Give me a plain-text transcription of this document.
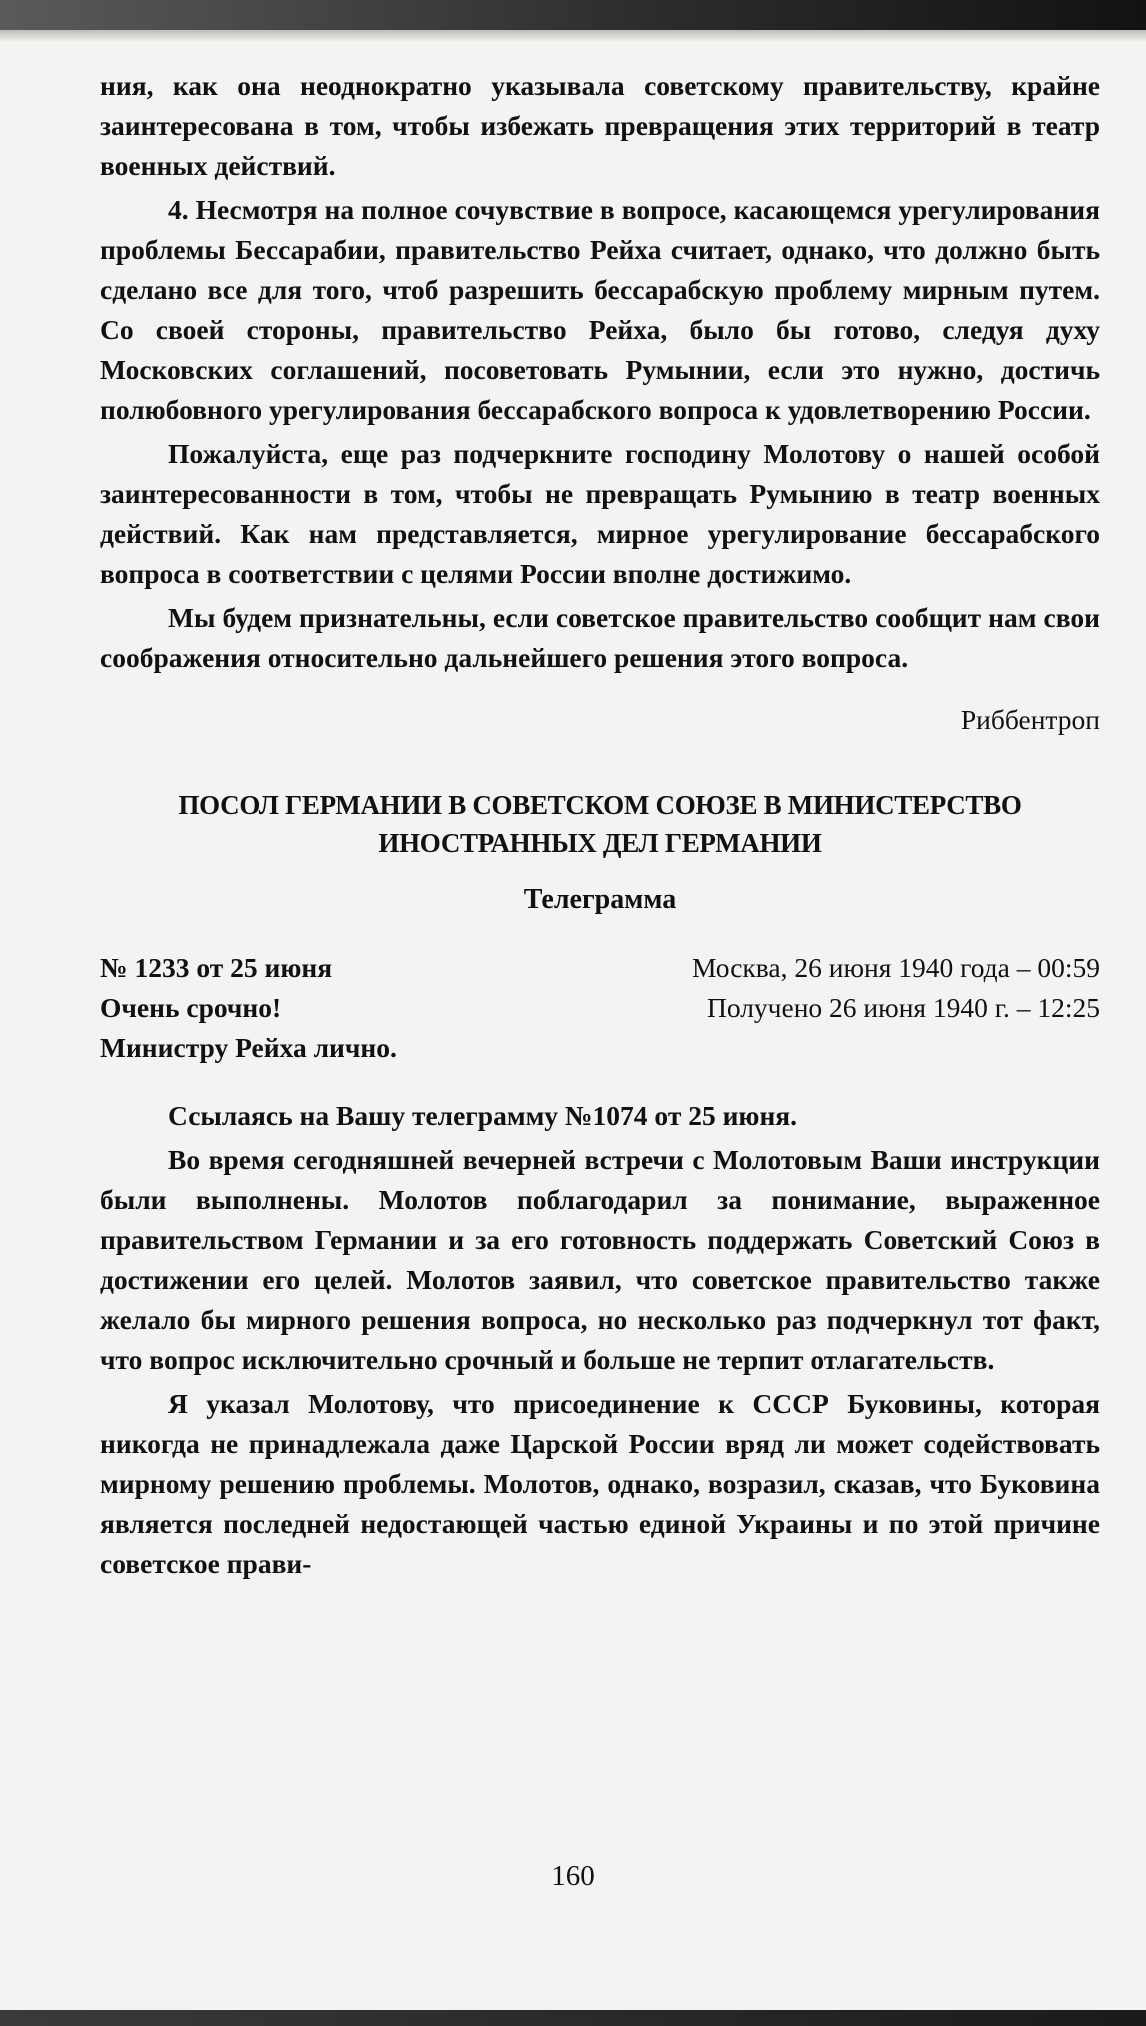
ния, как она неоднократно указывала советскому правительству, крайне заинтересована в том, чтобы избежать превращения этих территорий в театр военных действий.

4. Несмотря на полное сочувствие в вопросе, касающемся урегулирования проблемы Бессарабии, правительство Рейха считает, однако, что должно быть сделано все для того, чтоб разрешить бессарабскую проблему мирным путем. Со своей стороны, правительство Рейха, было бы готово, следуя духу Московских соглашений, посоветовать Румынии, если это нужно, достичь полюбовного урегулирования бессарабского вопроса к удовлетворению России.

Пожалуйста, еще раз подчеркните господину Молотову о нашей особой заинтересованности в том, чтобы не превращать Румынию в театр военных действий. Как нам представляется, мирное урегулирование бессарабского вопроса в соответствии с целями России вполне достижимо.

Мы будем признательны, если советское правительство сообщит нам свои соображения относительно дальнейшего решения этого вопроса.

Риббентроп

ПОСОЛ ГЕРМАНИИ В СОВЕТСКОМ СОЮЗЕ В МИНИСТЕРСТВО
ИНОСТРАННЫХ ДЕЛ ГЕРМАНИИ
Телеграмма
№ 1233 от 25 июня	Москва, 26 июня 1940 года – 00:59
Очень срочно!	Получено 26 июня 1940 г. – 12:25
Министру Рейха лично.

Ссылаясь на Вашу телеграмму №1074 от 25 июня.

Во время сегодняшней вечерней встречи с Молотовым Ваши инструкции были выполнены. Молотов поблагодарил за понимание, выраженное правительством Германии и за его готовность поддержать Советский Союз в достижении его целей. Молотов заявил, что советское правительство также желало бы мирного решения вопроса, но несколько раз подчеркнул тот факт, что вопрос исключительно срочный и больше не терпит отлагательств.

Я указал Молотову, что присоединение к СССР Буковины, которая никогда не принадлежала даже Царской России вряд ли может содействовать мирному решению проблемы. Молотов, однако, возразил, сказав, что Буковина является последней недостающей частью единой Украины и по этой причине советское прави-

160
